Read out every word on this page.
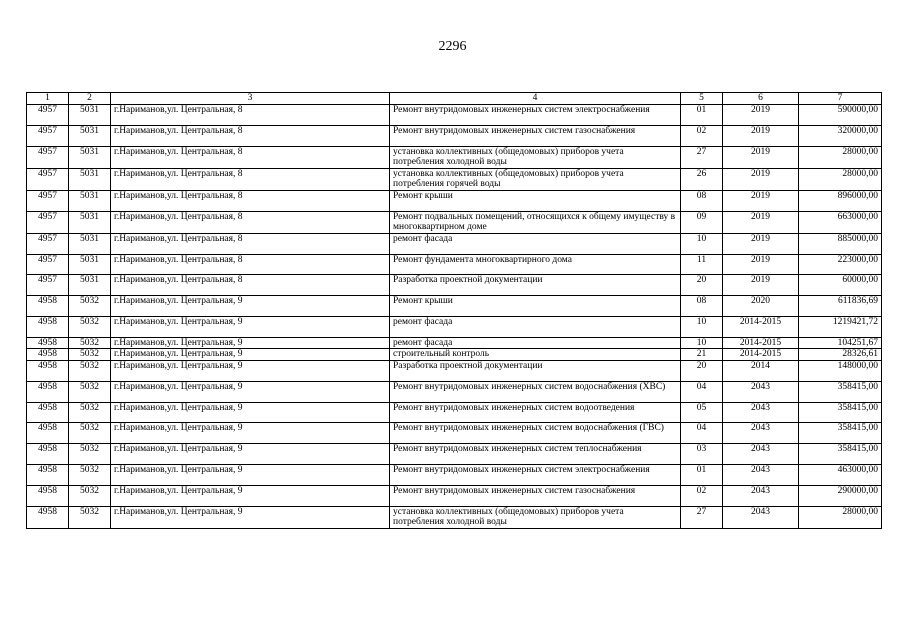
2296
1	2	3	4	5	6	7
4957	5031	г.Нариманов,ул. Центральная, 8	Ремонт внутридомовых инженерных систем электроснабжения	01	2019	590000,00
4957	5031	г.Нариманов,ул. Центральная, 8	Ремонт внутридомовых инженерных систем газоснабжения	02	2019	320000,00
4957	5031	г.Нариманов,ул. Центральная, 8	установка коллективных (общедомовых) приборов учета потребления холодной воды	27	2019	28000,00
4957	5031	г.Нариманов,ул. Центральная, 8	установка коллективных (общедомовых) приборов учета потребления горячей воды	26	2019	28000,00
4957	5031	г.Нариманов,ул. Центральная, 8	Ремонт крыши	08	2019	896000,00
4957	5031	г.Нариманов,ул. Центральная, 8	Ремонт подвальных помещений, относящихся к общему имуществу в многоквартирном доме	09	2019	663000,00
4957	5031	г.Нариманов,ул. Центральная, 8	ремонт фасада	10	2019	885000,00
4957	5031	г.Нариманов,ул. Центральная, 8	Ремонт фундамента многоквартирного дома	11	2019	223000,00
4957	5031	г.Нариманов,ул. Центральная, 8	Разработка проектной документации	20	2019	60000,00
4958	5032	г.Нариманов,ул. Центральная, 9	Ремонт крыши	08	2020	611836,69
4958	5032	г.Нариманов,ул. Центральная, 9	ремонт фасада	10	2014-2015	1219421,72
4958	5032	г.Нариманов,ул. Центральная, 9	ремонт фасада	10	2014-2015	104251,67
4958	5032	г.Нариманов,ул. Центральная, 9	строительный контроль	21	2014-2015	28326,61
4958	5032	г.Нариманов,ул. Центральная, 9	Разработка проектной документации	20	2014	148000,00
4958	5032	г.Нариманов,ул. Центральная, 9	Ремонт внутридомовых инженерных систем водоснабжения (ХВС)	04	2043	358415,00
4958	5032	г.Нариманов,ул. Центральная, 9	Ремонт внутридомовых инженерных систем водоотведения	05	2043	358415,00
4958	5032	г.Нариманов,ул. Центральная, 9	Ремонт внутридомовых инженерных систем водоснабжения (ГВС)	04	2043	358415,00
4958	5032	г.Нариманов,ул. Центральная, 9	Ремонт внутридомовых инженерных систем теплоснабжения	03	2043	358415,00
4958	5032	г.Нариманов,ул. Центральная, 9	Ремонт внутридомовых инженерных систем электроснабжения	01	2043	463000,00
4958	5032	г.Нариманов,ул. Центральная, 9	Ремонт внутридомовых инженерных систем газоснабжения	02	2043	290000,00
4958	5032	г.Нариманов,ул. Центральная, 9	установка коллективных (общедомовых) приборов учета потребления холодной воды	27	2043	28000,00
